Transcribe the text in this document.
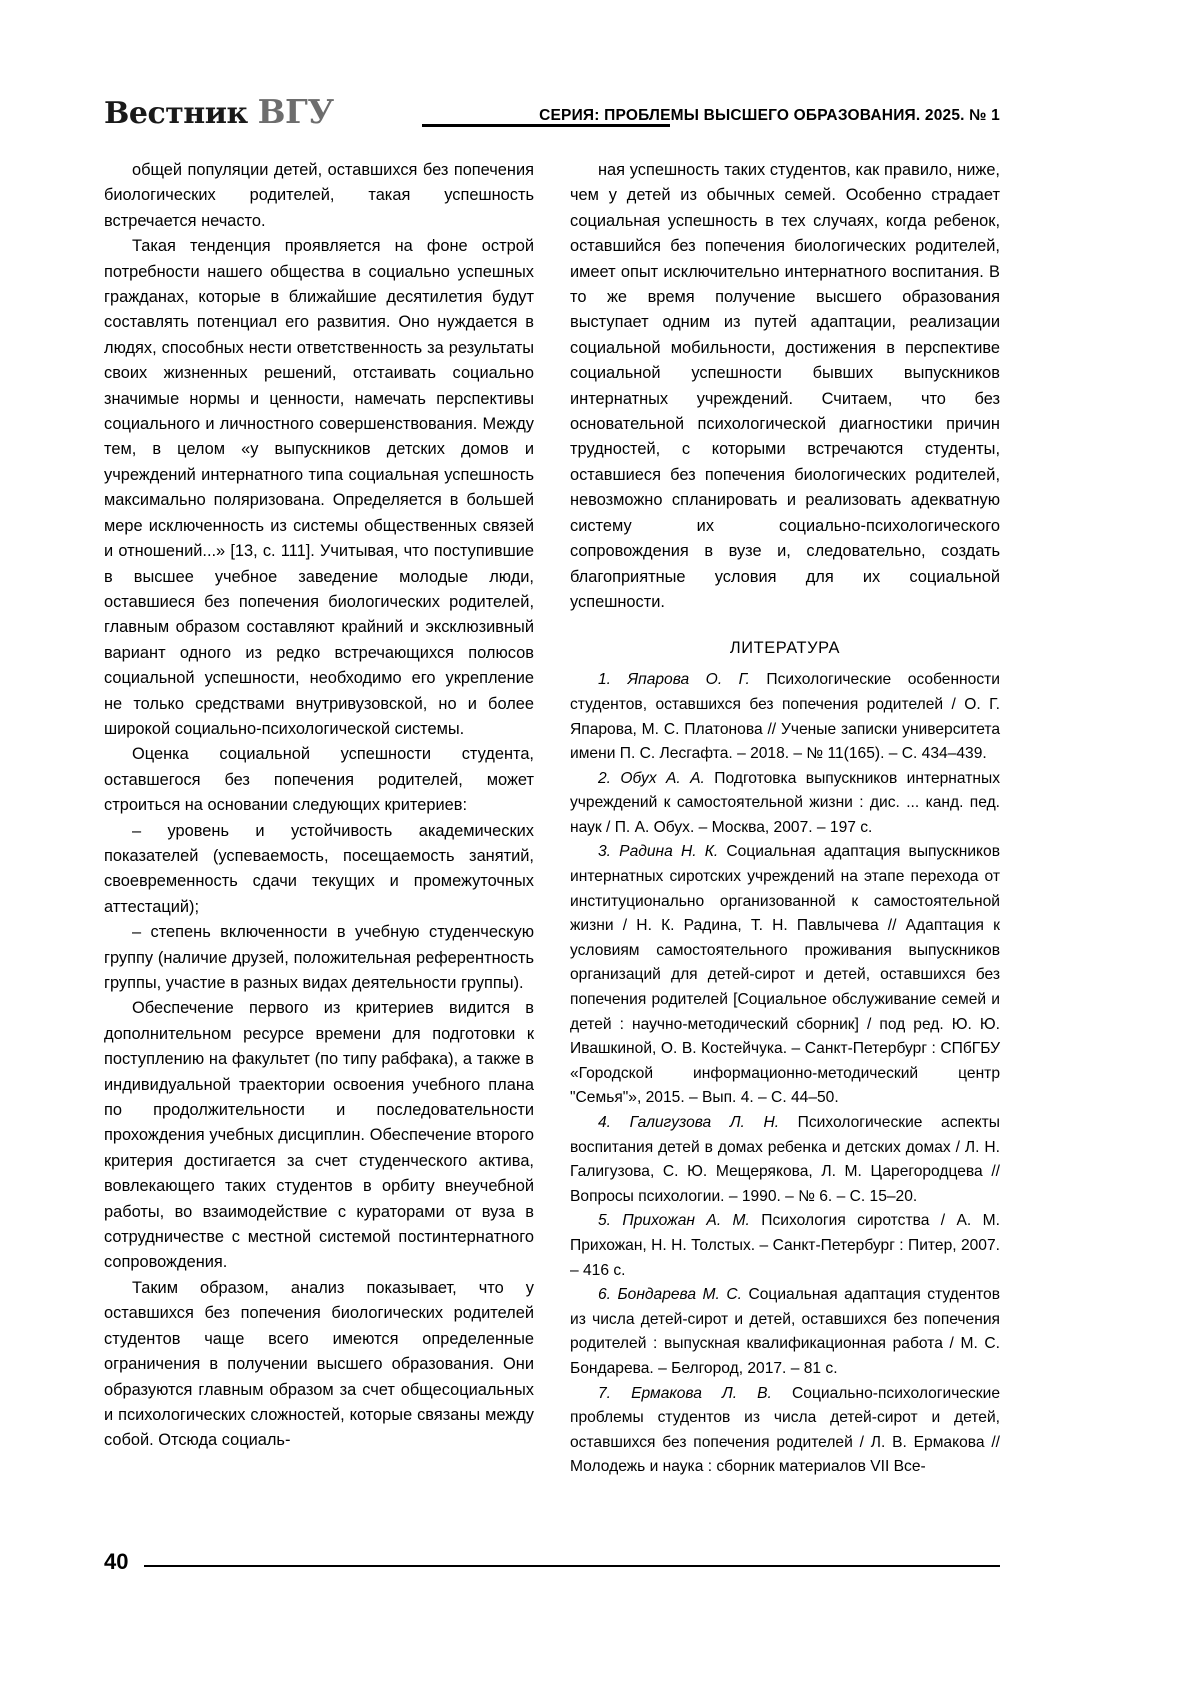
Вестник ВГУ	СЕРИЯ: ПРОБЛЕМЫ ВЫСШЕГО ОБРАЗОВАНИЯ. 2025. № 1

общей популяции детей, оставшихся без попечения биологических родителей, такая успешность встречается нечасто.

Такая тенденция проявляется на фоне острой потребности нашего общества в социально успешных гражданах, которые в ближайшие десятилетия будут составлять потенциал его развития. Оно нуждается в людях, способных нести ответственность за результаты своих жизненных решений, отстаивать социально значимые нормы и ценности, намечать перспективы социального и личностного совершенствования. Между тем, в целом «у выпускников детских домов и учреждений интернатного типа социальная успешность максимально поляризована. Определяется в большей мере исключенность из системы общественных связей и отношений...» [13, с. 111]. Учитывая, что поступившие в высшее учебное заведение молодые люди, оставшиеся без попечения биологических родителей, главным образом составляют крайний и эксклюзивный вариант одного из редко встречающихся полюсов социальной успешности, необходимо его укрепление не только средствами внутривузовской, но и более широкой социально-психологической системы.

Оценка социальной успешности студента, оставшегося без попечения родителей, может строиться на основании следующих критериев:

– уровень и устойчивость академических показателей (успеваемость, посещаемость занятий, своевременность сдачи текущих и промежуточных аттестаций);

– степень включенности в учебную студенческую группу (наличие друзей, положительная референтность группы, участие в разных видах деятельности группы).

Обеспечение первого из критериев видится в дополнительном ресурсе времени для подготовки к поступлению на факультет (по типу рабфака), а также в индивидуальной траектории освоения учебного плана по продолжительности и последовательности прохождения учебных дисциплин. Обеспечение второго критерия достигается за счет студенческого актива, вовлекающего таких студентов в орбиту внеучебной работы, во взаимодействие с кураторами от вуза в сотрудничестве с местной системой постинтернатного сопровождения.

Таким образом, анализ показывает, что у оставшихся без попечения биологических родителей студентов чаще всего имеются определенные ограничения в получении высшего образования. Они образуются главным образом за счет общесоциальных и психологических сложностей, которые связаны между собой. Отсюда социаль-

ная успешность таких студентов, как правило, ниже, чем у детей из обычных семей. Особенно страдает социальная успешность в тех случаях, когда ребенок, оставшийся без попечения биологических родителей, имеет опыт исключительно интернатного воспитания. В то же время получение высшего образования выступает одним из путей адаптации, реализации социальной мобильности, достижения в перспективе социальной успешности бывших выпускников интернатных учреждений. Считаем, что без основательной психологической диагностики причин трудностей, с которыми встречаются студенты, оставшиеся без попечения биологических родителей, невозможно спланировать и реализовать адекватную систему их социально-психологического сопровождения в вузе и, следовательно, создать благоприятные условия для их социальной успешности.

ЛИТЕРАТУРА

1. Япарова О. Г. Психологические особенности студентов, оставшихся без попечения родителей / О. Г. Япарова, М. С. Платонова // Ученые записки университета имени П. С. Лесгафта. – 2018. – № 11(165). – С. 434–439.

2. Обух А. А. Подготовка выпускников интернатных учреждений к самостоятельной жизни : дис. ... канд. пед. наук / П. А. Обух. – Москва, 2007. – 197 с.

3. Радина Н. К. Социальная адаптация выпускников интернатных сиротских учреждений на этапе перехода от институционально организованной к самостоятельной жизни / Н. К. Радина, Т. Н. Павлычева // Адаптация к условиям самостоятельного проживания выпускников организаций для детей-сирот и детей, оставшихся без попечения родителей [Социальное обслуживание семей и детей : научно-методический сборник] / под ред. Ю. Ю. Ивашкиной, О. В. Костейчука. – Санкт-Петербург : СПбГБУ «Городской информационно-методический центр "Семья"», 2015. – Вып. 4. – С. 44–50.

4. Галигузова Л. Н. Психологические аспекты воспитания детей в домах ребенка и детских домах / Л. Н. Галигузова, С. Ю. Мещерякова, Л. М. Царегородцева // Вопросы психологии. – 1990. – № 6. – С. 15–20.

5. Прихожан А. М. Психология сиротства / А. М. Прихожан, Н. Н. Толстых. – Санкт-Петербург : Питер, 2007. – 416 с.

6. Бондарева М. С. Социальная адаптация студентов из числа детей-сирот и детей, оставшихся без попечения родителей : выпускная квалификационная работа / М. С. Бондарева. – Белгород, 2017. – 81 с.

7. Ермакова Л. В. Социально-психологические проблемы студентов из числа детей-сирот и детей, оставшихся без попечения родителей / Л. В. Ермакова // Молодежь и наука : сборник материалов VII Все-

40
